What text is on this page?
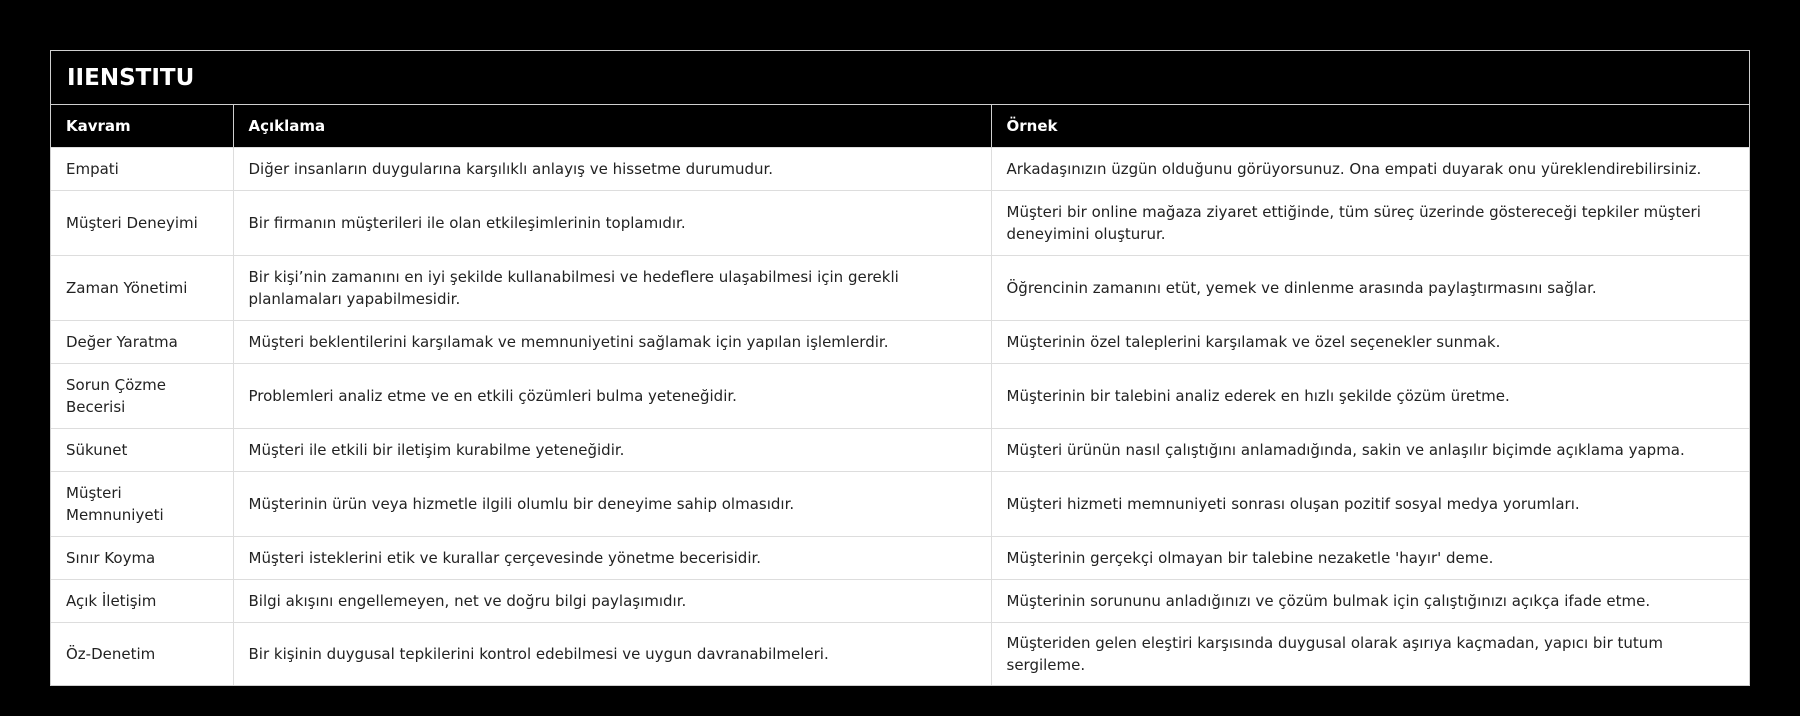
IIENSTITU
Kavram	Açıklama	Örnek
Empati	Diğer insanların duygularına karşılıklı anlayış ve hissetme durumudur.	Arkadaşınızın üzgün olduğunu görüyorsunuz. Ona empati duyarak onu yüreklendirebilirsiniz.
Müşteri Deneyimi	Bir firmanın müşterileri ile olan etkileşimlerinin toplamıdır.	Müşteri bir online mağaza ziyaret ettiğinde, tüm süreç üzerinde göstereceği tepkiler müşteri deneyimini oluşturur.
Zaman Yönetimi	Bir kişi’nin zamanını en iyi şekilde kullanabilmesi ve hedeflere ulaşabilmesi için gerekli planlamaları yapabilmesidir.	Öğrencinin zamanını etüt, yemek ve dinlenme arasında paylaştırmasını sağlar.
Değer Yaratma	Müşteri beklentilerini karşılamak ve memnuniyetini sağlamak için yapılan işlemlerdir.	Müşterinin özel taleplerini karşılamak ve özel seçenekler sunmak.
Sorun Çözme Becerisi	Problemleri analiz etme ve en etkili çözümleri bulma yeteneğidir.	Müşterinin bir talebini analiz ederek en hızlı şekilde çözüm üretme.
Sükunet	Müşteri ile etkili bir iletişim kurabilme yeteneğidir.	Müşteri ürünün nasıl çalıştığını anlamadığında, sakin ve anlaşılır biçimde açıklama yapma.
Müşteri Memnuniyeti	Müşterinin ürün veya hizmetle ilgili olumlu bir deneyime sahip olmasıdır.	Müşteri hizmeti memnuniyeti sonrası oluşan pozitif sosyal medya yorumları.
Sınır Koyma	Müşteri isteklerini etik ve kurallar çerçevesinde yönetme becerisidir.	Müşterinin gerçekçi olmayan bir talebine nezaketle 'hayır' deme.
Açık İletişim	Bilgi akışını engellemeyen, net ve doğru bilgi paylaşımıdır.	Müşterinin sorununu anladığınızı ve çözüm bulmak için çalıştığınızı açıkça ifade etme.
Öz-Denetim	Bir kişinin duygusal tepkilerini kontrol edebilmesi ve uygun davranabilmeleri.	Müşteriden gelen eleştiri karşısında duygusal olarak aşırıya kaçmadan, yapıcı bir tutum sergileme.
